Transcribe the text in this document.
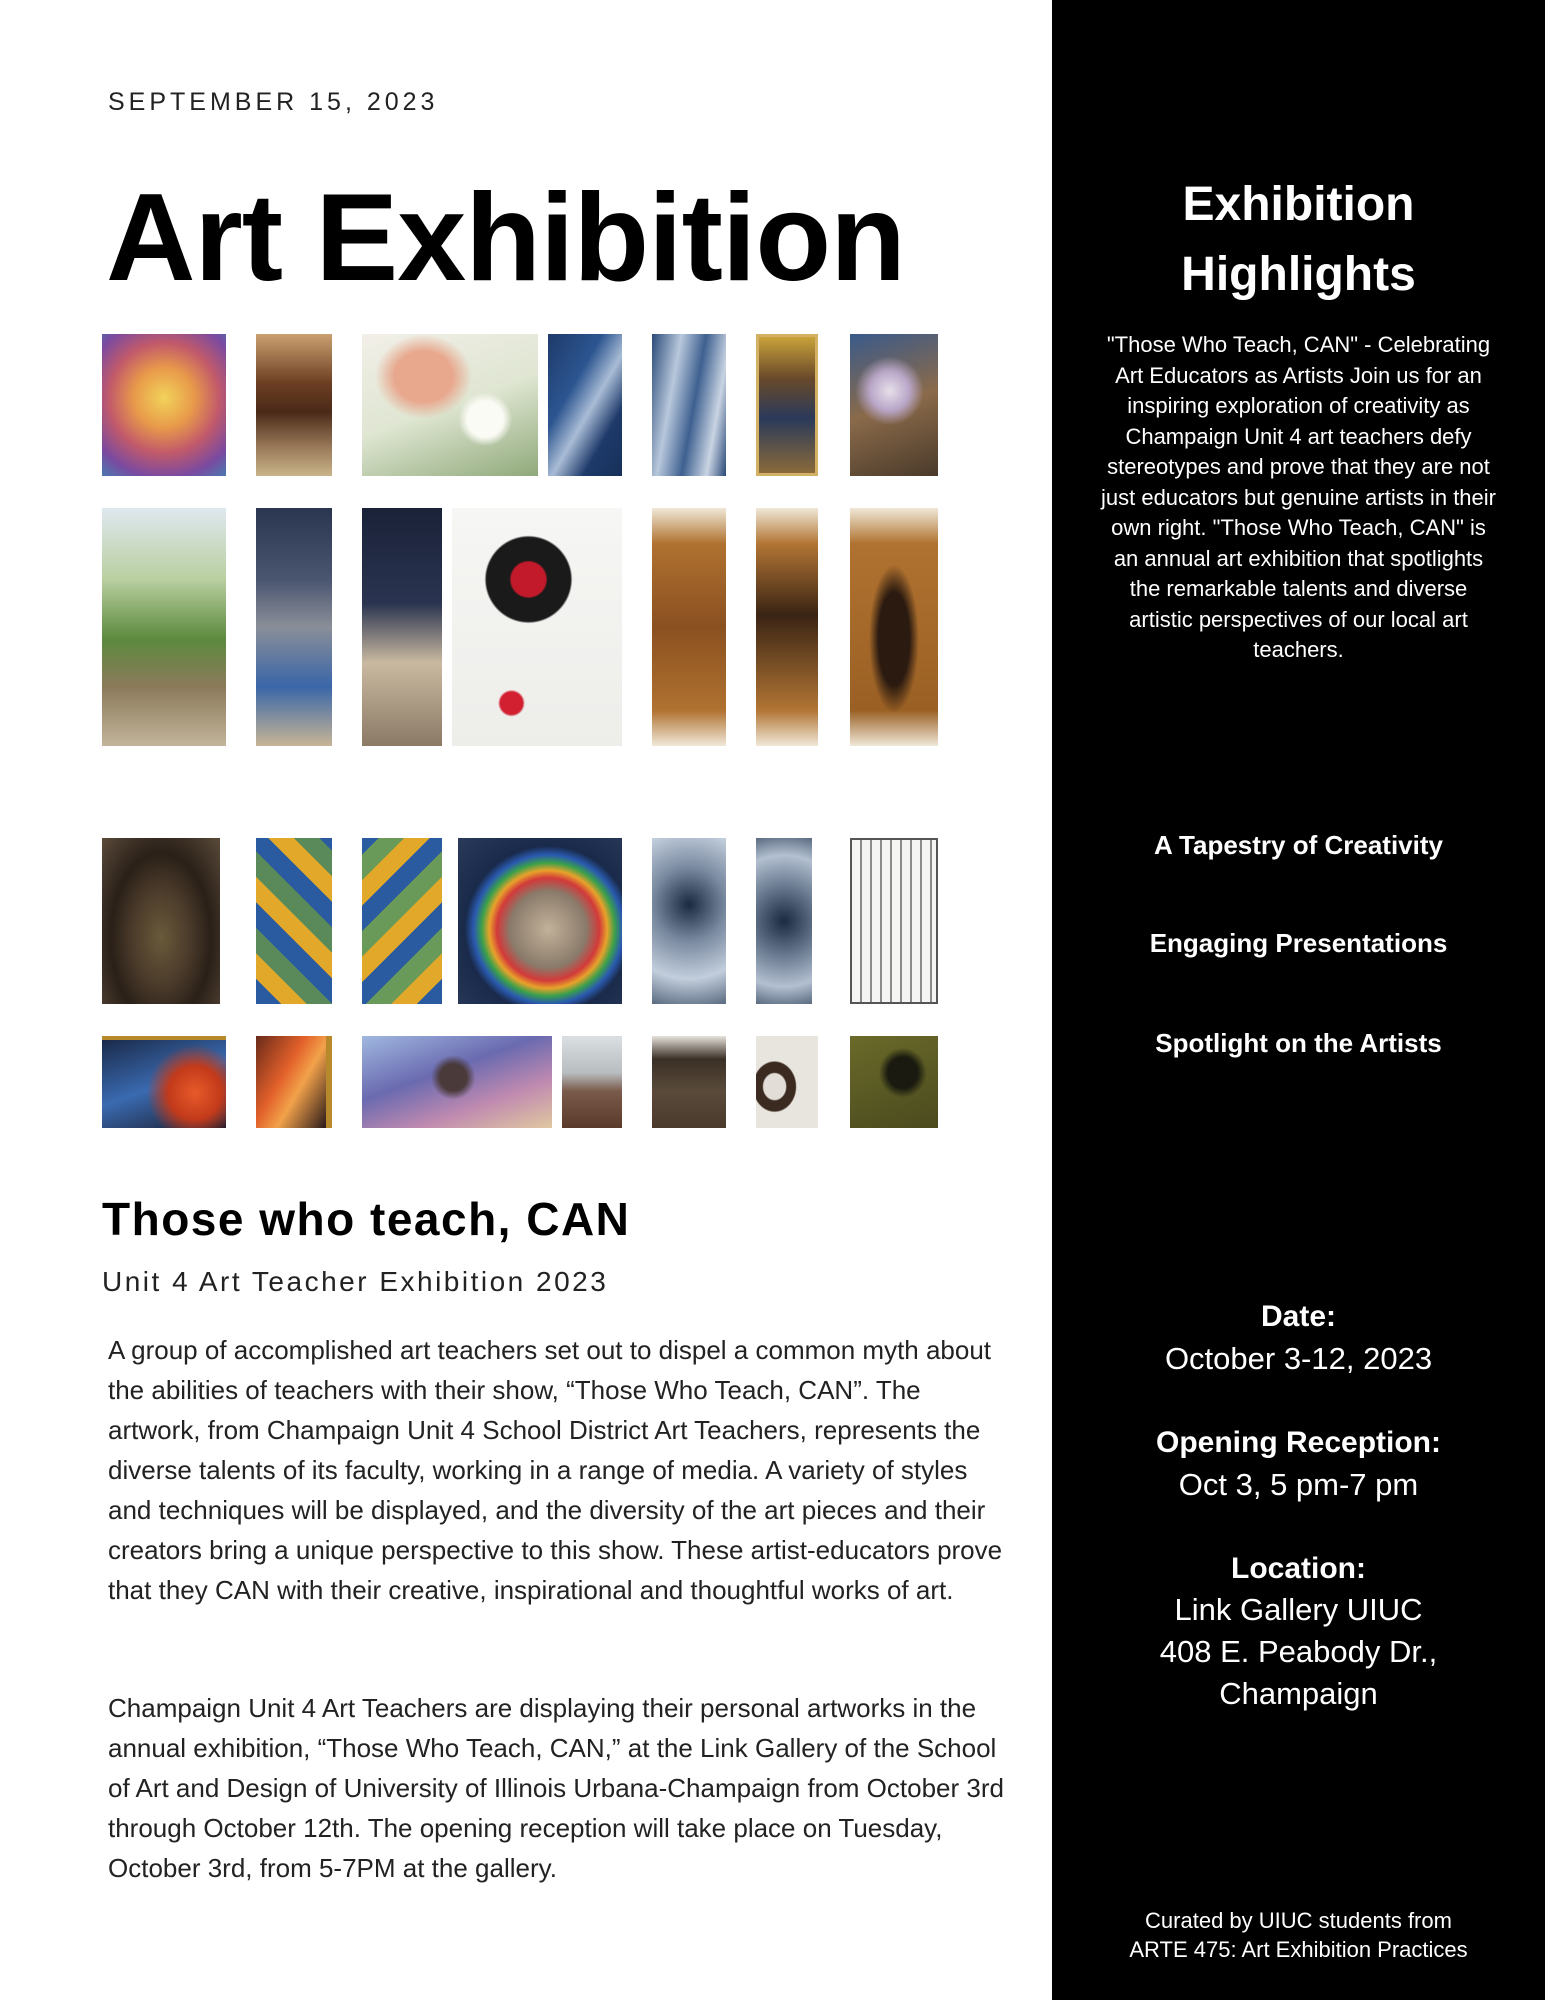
SEPTEMBER 15, 2023
Art Exhibition
Those who teach, CAN
Unit 4 Art Teacher Exhibition 2023

A group of accomplished art teachers set out to dispel a common myth about the abilities of teachers with their show, “Those Who Teach, CAN”. The artwork, from Champaign Unit 4 School District Art Teachers, represents the diverse talents of its faculty, working in a range of media. A variety of styles and techniques will be displayed, and the diversity of the art pieces and their creators bring a unique perspective to this show. These artist-educators prove that they CAN with their creative, inspirational and thoughtful works of art.

Champaign Unit 4 Art Teachers are displaying their personal artworks in the annual exhibition, “Those Who Teach, CAN,” at the Link Gallery of the School of Art and Design of University of Illinois Urbana-Champaign from October 3rd through October 12th. The opening reception will take place on Tuesday, October 3rd, from 5-7PM at the gallery.

Exhibition
Highlights
"Those Who Teach, CAN" - Celebrating Art Educators as Artists Join us for an inspiring exploration of creativity as Champaign Unit 4 art teachers defy stereotypes and prove that they are not just educators but genuine artists in their own right. "Those Who Teach, CAN" is an annual art exhibition that spotlights the remarkable talents and diverse artistic perspectives of our local art teachers.
A Tapestry of Creativity
Engaging Presentations
Spotlight on the Artists
Date:
October 3-12, 2023
Opening Reception:
Oct 3, 5 pm-7 pm
Location:
Link Gallery UIUC
408 E. Peabody Dr.,
Champaign
Curated by UIUC students from
ARTE 475: Art Exhibition Practices
